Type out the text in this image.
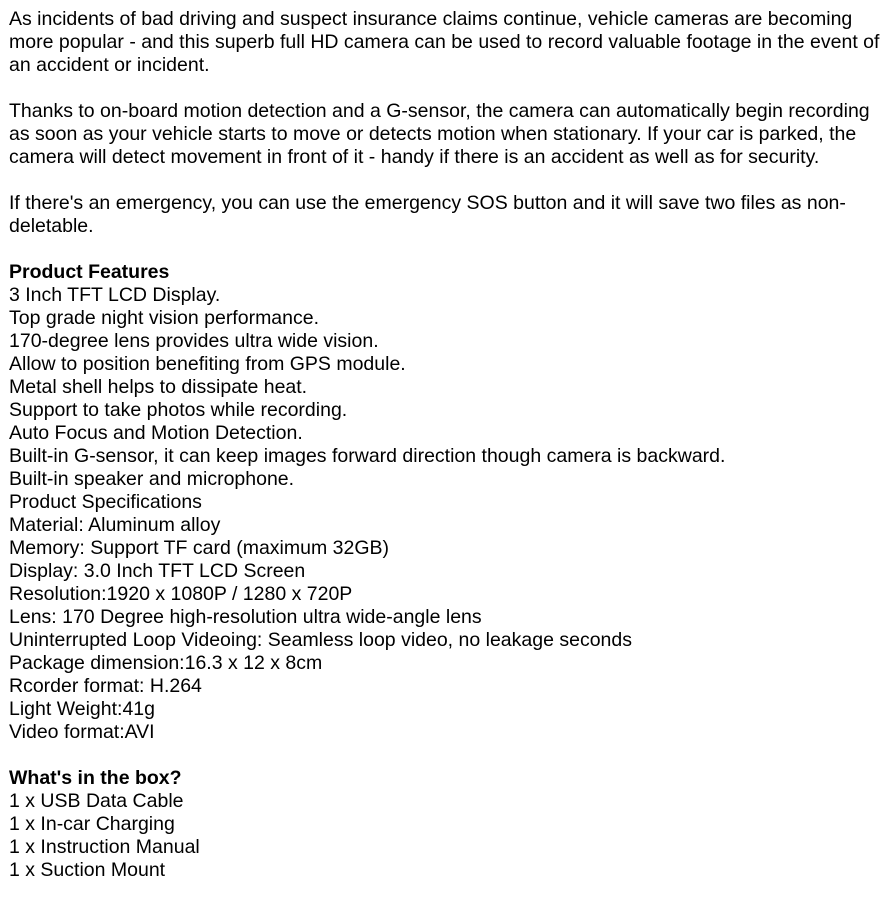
As incidents of bad driving and suspect insurance claims continue, vehicle cameras are becoming more popular - and this superb full HD camera can be used to record valuable footage in the event of an accident or incident.

Thanks to on-board motion detection and a G-sensor, the camera can automatically begin recording as soon as your vehicle starts to move or detects motion when stationary. If your car is parked, the camera will detect movement in front of it - handy if there is an accident as well as for security.

If there's an emergency, you can use the emergency SOS button and it will save two files as non-deletable.

Product Features
3 Inch TFT LCD Display.
Top grade night vision performance.
170-degree lens provides ultra wide vision.
Allow to position benefiting from GPS module.
Metal shell helps to dissipate heat.
Support to take photos while recording.
Auto Focus and Motion Detection.
Built-in G-sensor, it can keep images forward direction though camera is backward.
Built-in speaker and microphone.
Product Specifications
Material: Aluminum alloy
Memory: Support TF card (maximum 32GB)
Display: 3.0 Inch TFT LCD Screen
Resolution:1920 x 1080P / 1280 x 720P
Lens: 170 Degree high-resolution ultra wide-angle lens
Uninterrupted Loop Videoing: Seamless loop video, no leakage seconds
Package dimension:16.3 x 12 x 8cm
Rcorder format: H.264
Light Weight:41g
Video format:AVI
What's in the box?
1 x USB Data Cable
1 x In-car Charging
1 x Instruction Manual
1 x Suction Mount
